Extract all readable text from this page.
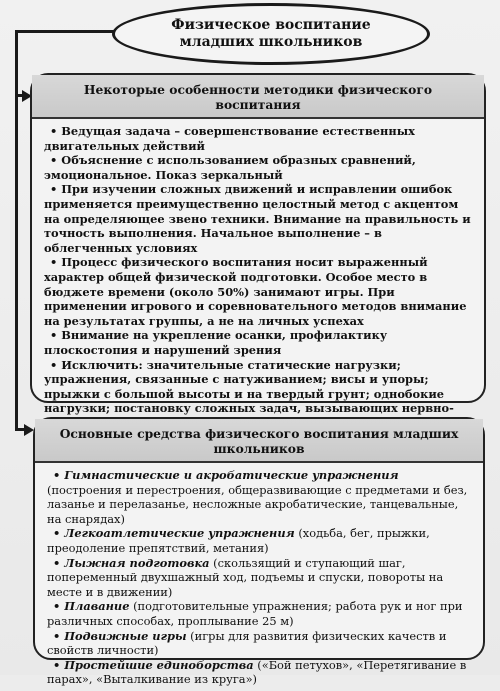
Физическое воспитание младших школьников
Некоторые особенности методики физического воспитания
• Ведущая задача – совершенствование естественных двигательных действий
• Объяснение с использованием образных сравнений, эмоциональное. Показ зеркальный
• При изучении сложных движений и исправлении ошибок применяется преимущественно целостный метод с акцентом на определяющее звено техники. Внимание на правильность и точность выполнения. Начальное выполнение – в облегченных условиях
• Процесс физического воспитания носит выраженный характер общей физической подготовки. Особое место в бюджете времени (около 50%) занимают игры. При применении игрового и соревновательного методов внимание на результатах группы, а не на личных успехах
• Внимание на укрепление осанки, профилактику плоскостопия и нарушений зрения
• Исключить: значительные статические нагрузки; упражнения, связанные с натуживанием; висы и упоры; прыжки с большой высоты и на твердый грунт; однобокие нагрузки; постановку сложных задач, вызывающих нервно-
Основные средства физического воспитания младших школьников
• Гимнастические и акробатические упражнения (построения и перестроения, общеразвивающие с предметами и без, лазанье и перелазанье, несложные акробатические, танцевальные, на снарядах)
• Легкоатлетические упражнения (ходьба, бег, прыжки, преодоление препятствий, метания)
• Лыжная подготовка (скользящий и ступающий шаг, попеременный двухшажный ход, подъемы и спуски, повороты на месте и в движении)
• Плавание (подготовительные упражнения; работа рук и ног при различных способах, проплывание 25 м)
• Подвижные игры (игры для развития физических качеств и свойств личности)
• Простейшие единоборства («Бой петухов», «Перетягивание в парах», «Выталкивание из круга»)
